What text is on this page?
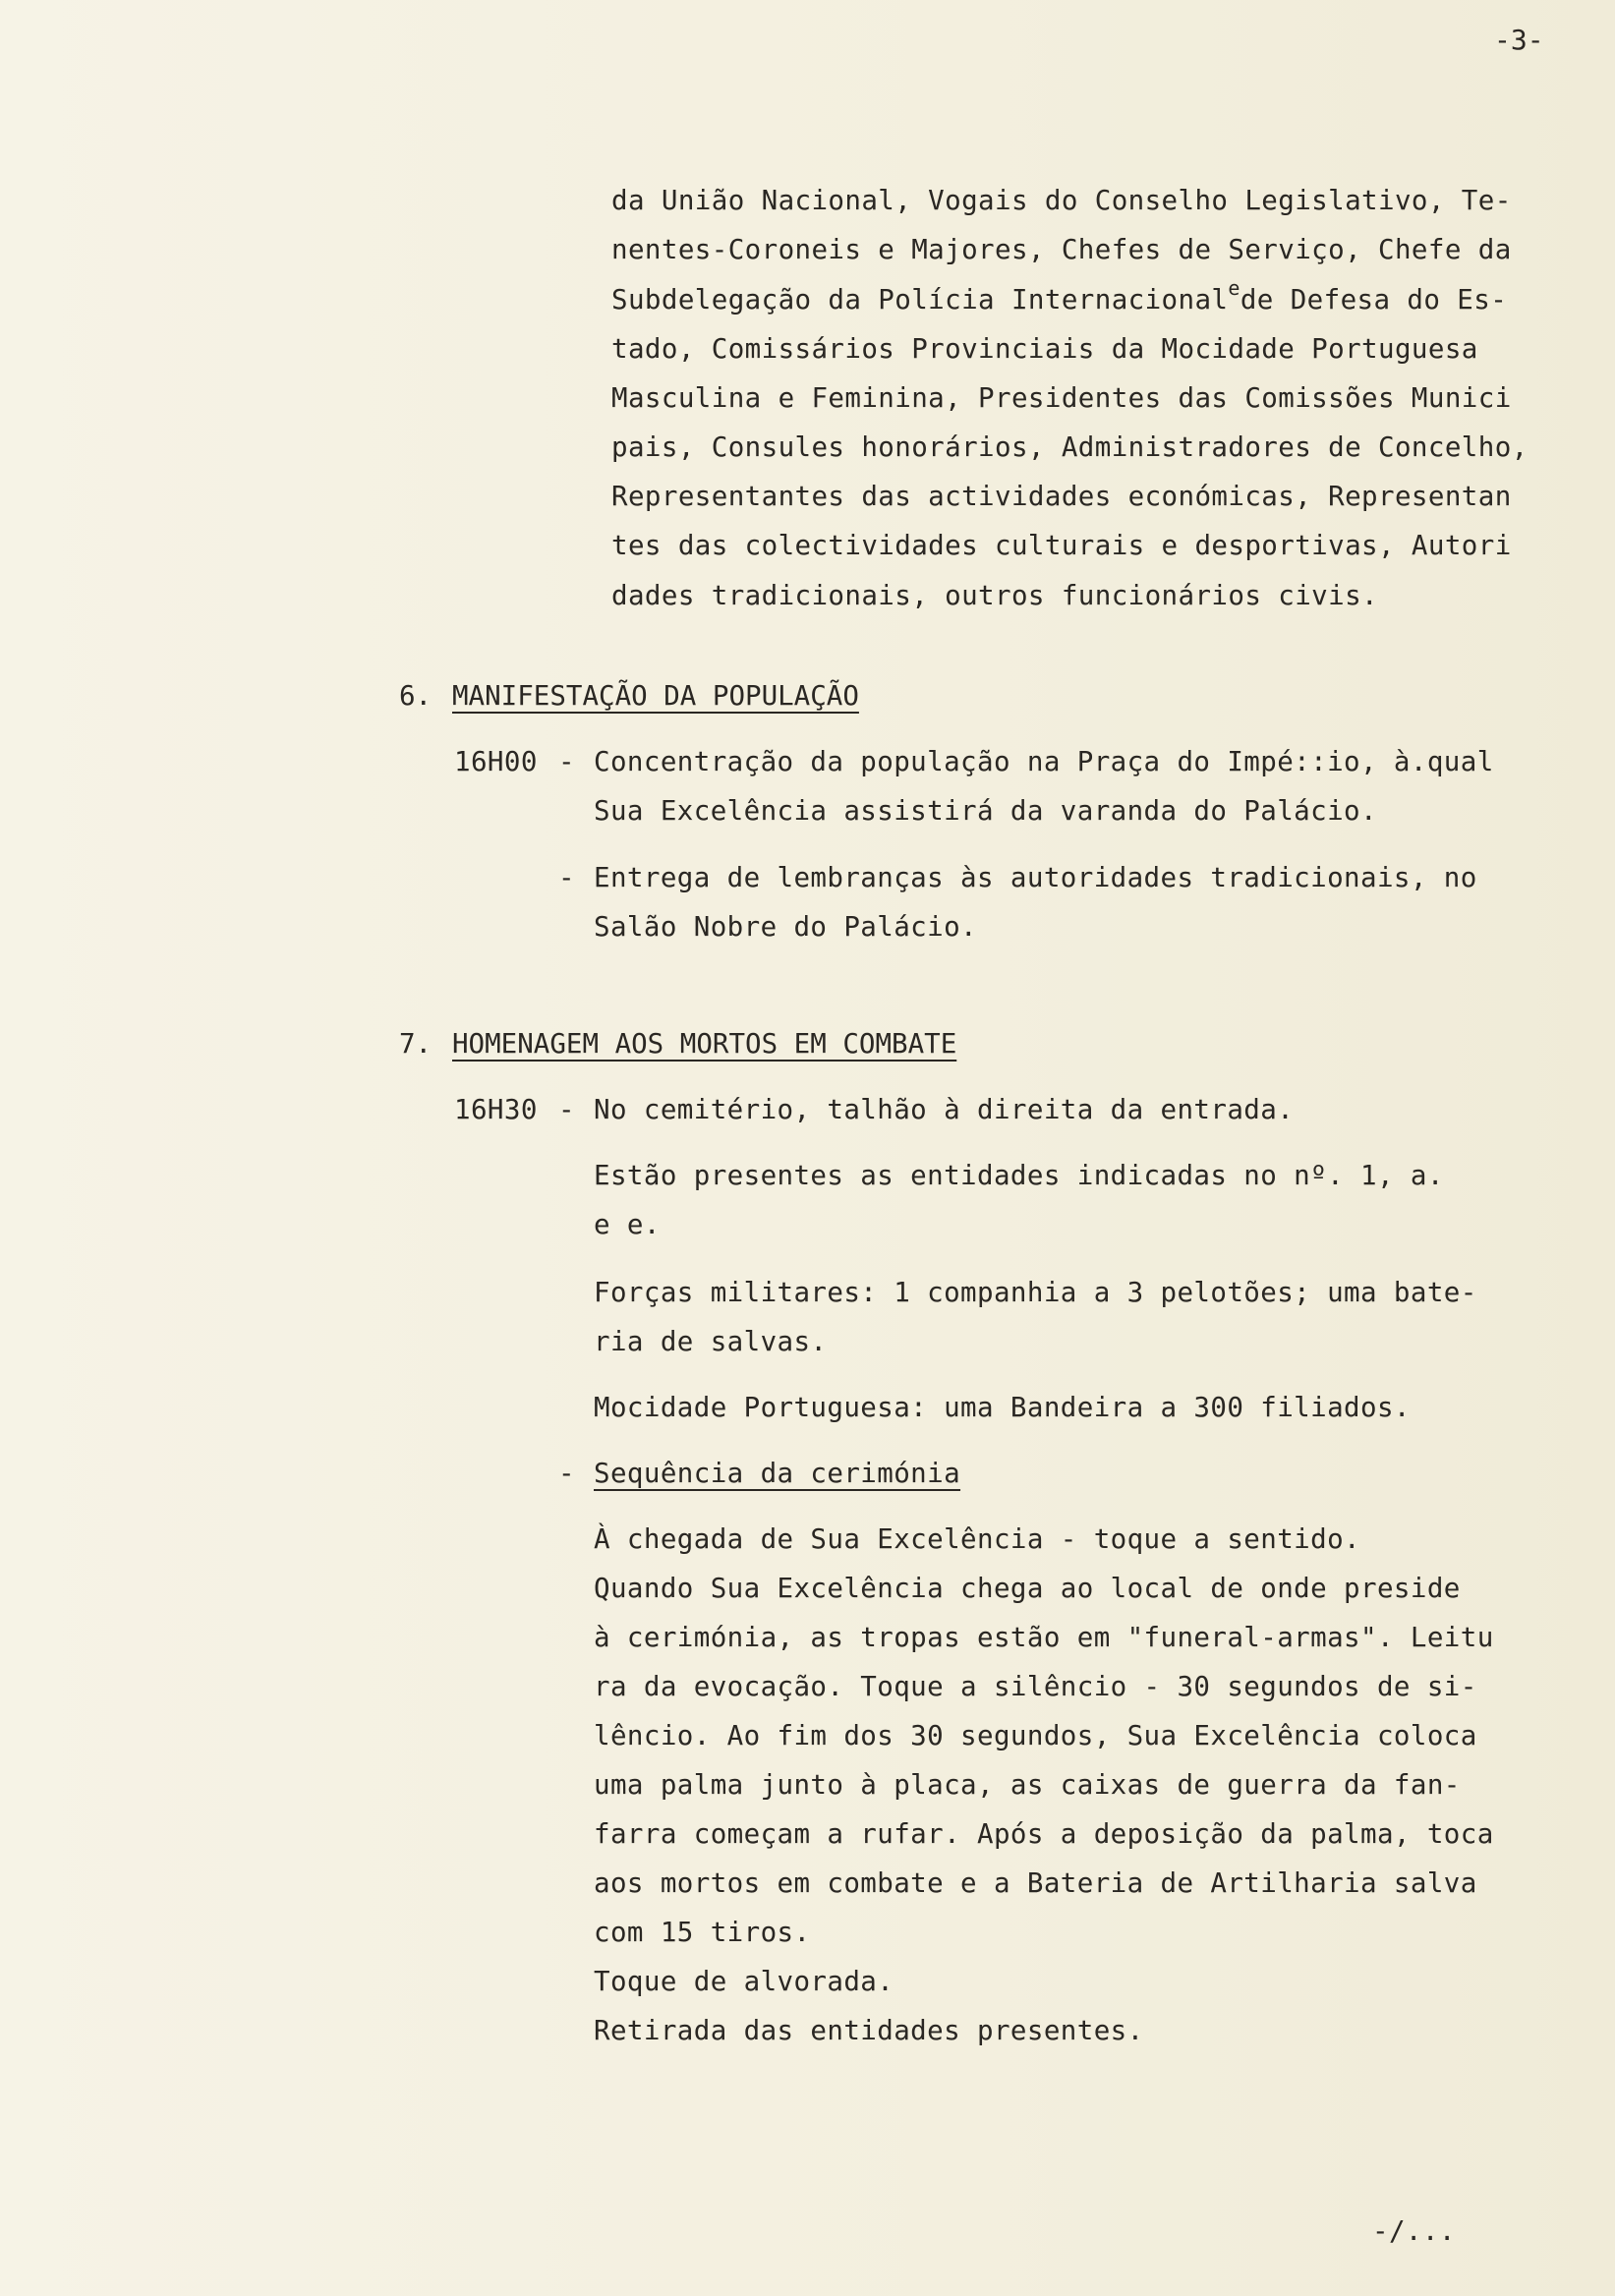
-3-
da União Nacional, Vogais do Conselho Legislativo, Te-
nentes-Coroneis e Majores, Chefes de Serviço, Chefe da
Subdelegação da Polícia Internacional$^e$de Defesa do Es-
tado, Comissários Provinciais da Mocidade Portuguesa
Masculina e Feminina, Presidentes das Comissões Munici
pais, Consules honorários, Administradores de Concelho,
Representantes das actividades económicas, Representan
tes das colectividades culturais e desportivas, Autori
dades tradicionais, outros funcionários civis.
6. MANIFESTAÇÃO DA POPULAÇÃO
16H00 - Concentração da população na Praça do Impé::io, à.qual
Sua Excelência assistirá da varanda do Palácio.
- Entrega de lembranças às autoridades tradicionais, no
Salão Nobre do Palácio.
7. HOMENAGEM AOS MORTOS EM COMBATE
16H30 - No cemitério, talhão à direita da entrada.
Estão presentes as entidades indicadas no nº. 1, a.
e e.
Forças militares: 1 companhia a 3 pelotões; uma bate-
ria de salvas.
Mocidade Portuguesa: uma Bandeira a 300 filiados.
- Sequência da cerimónia
À chegada de Sua Excelência - toque a sentido.
Quando Sua Excelência chega ao local de onde preside
à cerimónia, as tropas estão em "funeral-armas". Leitu
ra da evocação. Toque a silêncio - 30 segundos de si-
lêncio. Ao fim dos 30 segundos, Sua Excelência coloca
uma palma junto à placa, as caixas de guerra da fan-
farra começam a rufar. Após a deposição da palma, toca
aos mortos em combate e a Bateria de Artilharia salva
com 15 tiros.
Toque de alvorada.
Retirada das entidades presentes.
-/...
